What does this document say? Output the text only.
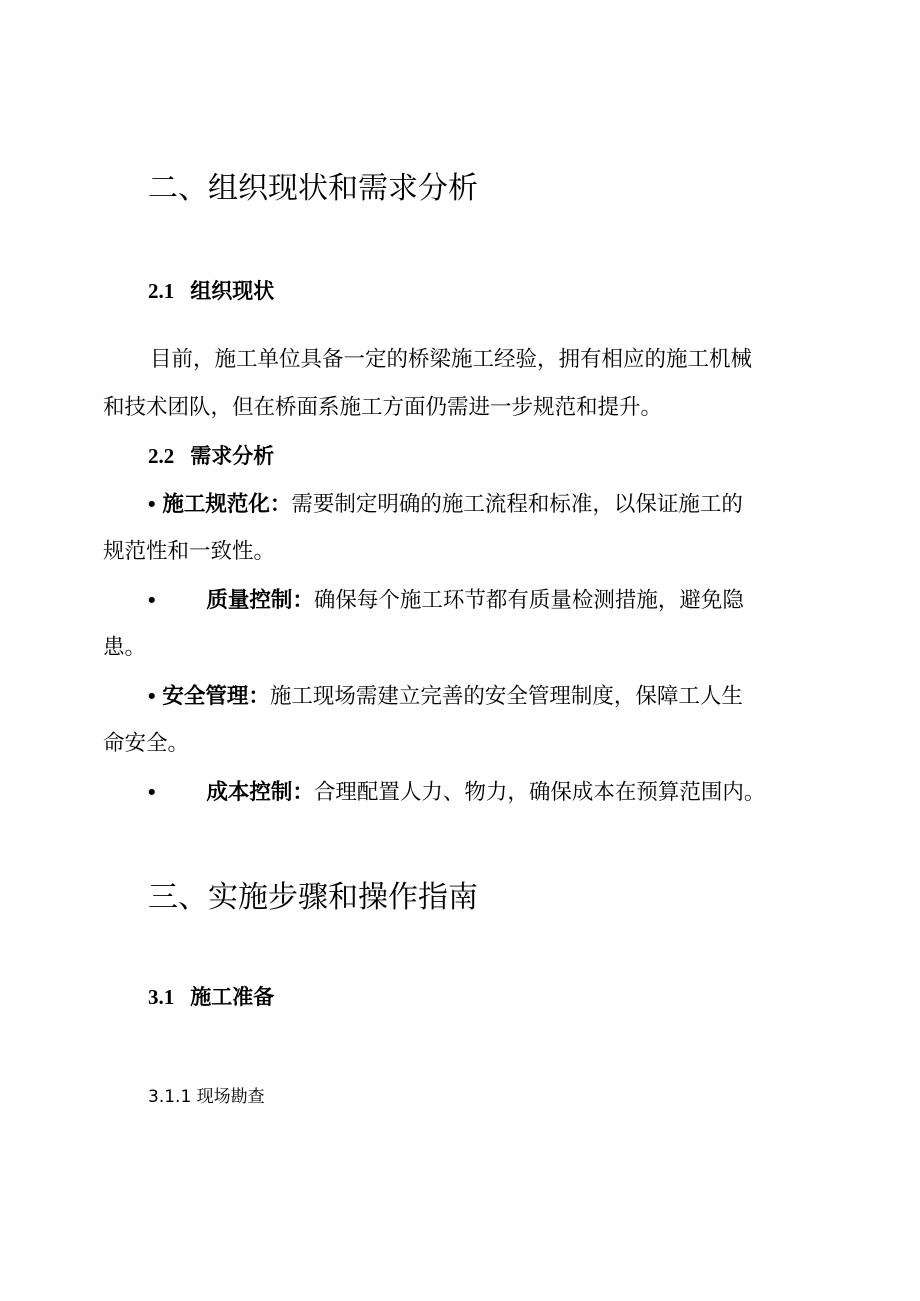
二、组织现状和需求分析
2.1 组织现状
目前，施工单位具备一定的桥梁施工经验，拥有相应的施工机械
和技术团队，但在桥面系施工方面仍需进一步规范和提升。
2.2 需求分析
• 施工规范化：需要制定明确的施工流程和标准，以保证施工的
规范性和一致性。
• 质量控制：确保每个施工环节都有质量检测措施，避免隐
患。
• 安全管理：施工现场需建立完善的安全管理制度，保障工人生
命安全。
• 成本控制：合理配置人力、物力，确保成本在预算范围内。
三、实施步骤和操作指南
3.1 施工准备
3.1.1 现场勘查
